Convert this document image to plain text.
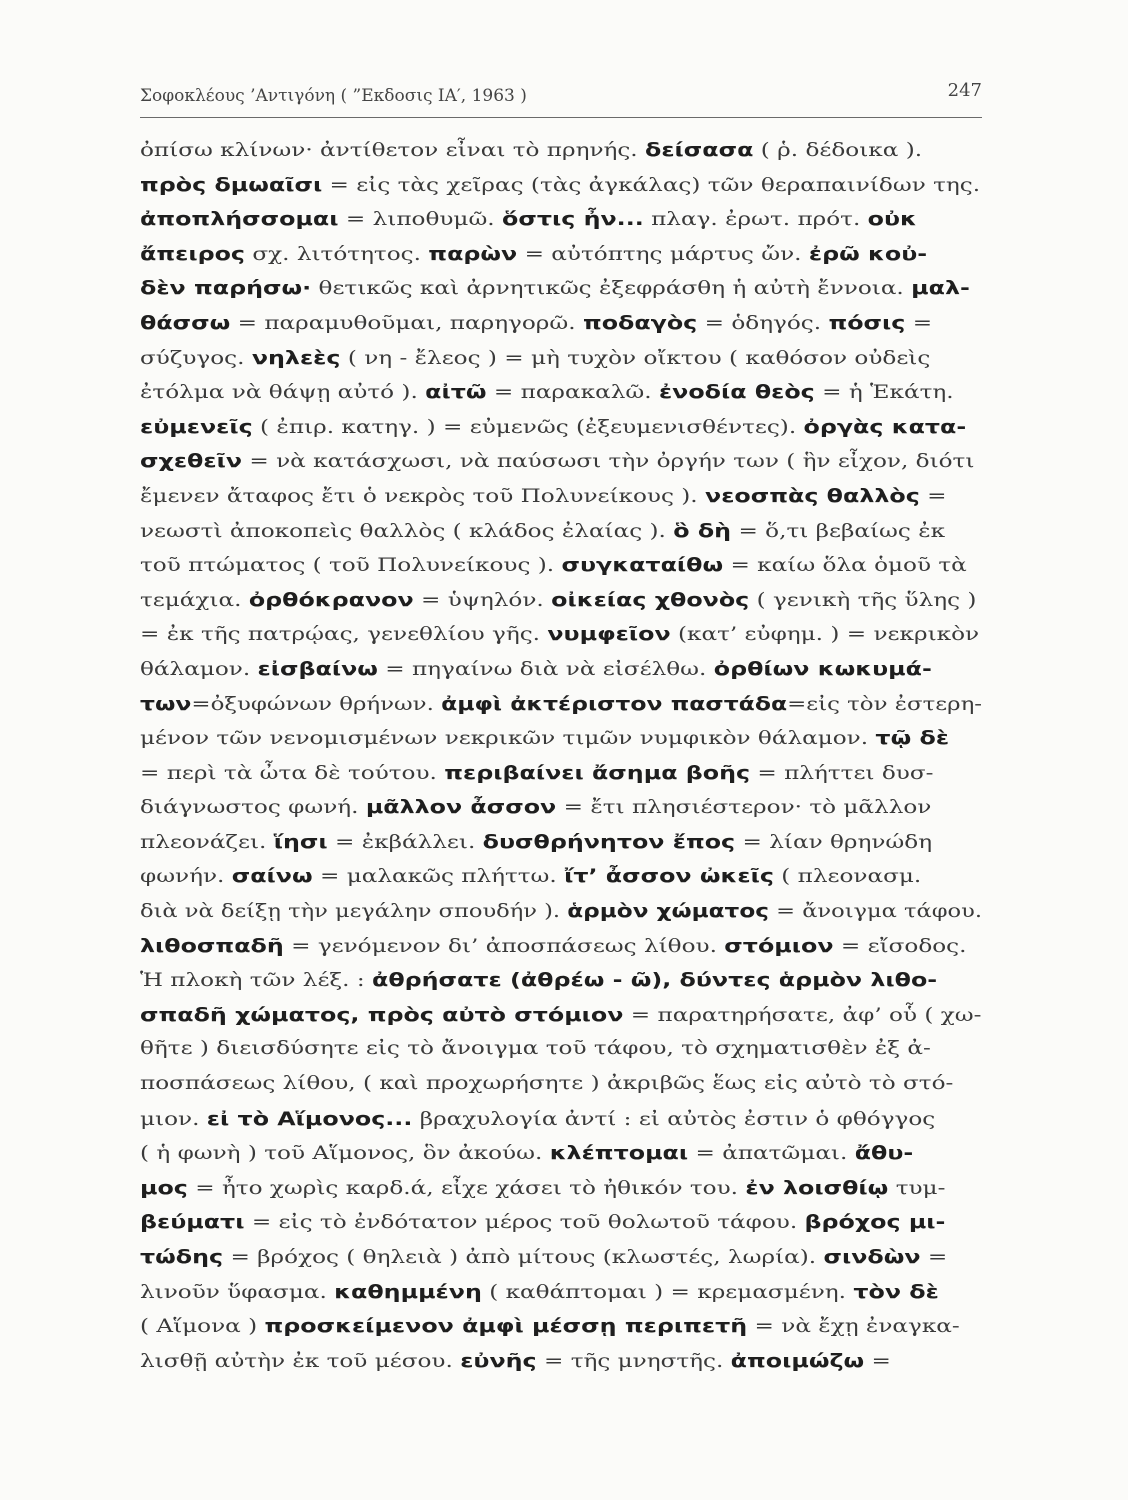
Σοφοκλέους ’Αντιγόνη ( ”Εκδοσις ΙΑ′, 1963 )	247
ὀπίσω κλίνων· ἀντίθετον εἶναι τὸ πρηνής. δείσασα ( ῥ. δέδοικα ).
πρὸς δμωαῖσι = εἰς τὰς χεῖρας (τὰς ἀγκάλας) τῶν θεραπαινίδων της.
ἀποπλήσσομαι = λιποθυμῶ. ὅστις ἦν... πλαγ. ἐρωτ. πρότ. οὐκ
ἄπειρος σχ. λιτότητος. παρὼν = αὐτόπτης μάρτυς ὤν. ἐρῶ κοὐ-
δὲν παρήσω· θετικῶς καὶ ἀρνητικῶς ἐξεφράσθη ἡ αὐτὴ ἔννοια. μαλ-
θάσσω = παραμυθοῦμαι, παρηγορῶ. ποδαγὸς = ὁδηγός. πόσις =
σύζυγος. νηλεὲς ( νη - ἔλεος ) = μὴ τυχὸν οἴκτου ( καθόσον οὐδεὶς
ἐτόλμα νὰ θάψῃ αὐτό ). αἰτῶ = παρακαλῶ. ἐνοδία θεὸς = ἡ Ἑκάτη.
εὐμενεῖς ( ἐπιρ. κατηγ. ) = εὐμενῶς (ἐξευμενισθέντες). ὀργὰς κατα-
σχεθεῖν = νὰ κατάσχωσι, νὰ παύσωσι τὴν ὀργήν των ( ἣν εἶχον, διότι
ἔμενεν ἄταφος ἔτι ὁ νεκρὸς τοῦ Πολυνείκους ). νεοσπὰς θαλλὸς =
νεωστὶ ἀποκοπεὶς θαλλὸς ( κλάδος ἐλαίας ). ὃ δὴ = ὅ,τι βεβαίως ἐκ
τοῦ πτώματος ( τοῦ Πολυνείκους ). συγκαταίθω = καίω ὅλα ὁμοῦ τὰ
τεμάχια. ὀρθόκρανον = ὑψηλόν. οἰκείας χθονὸς ( γενικὴ τῆς ὕλης )
= ἐκ τῆς πατρῴας, γενεθλίου γῆς. νυμφεῖον (κατ’ εὐφημ. ) = νεκρικὸν
θάλαμον. εἰσβαίνω = πηγαίνω διὰ νὰ εἰσέλθω. ὀρθίων κωκυμά-
των=ὀξυφώνων θρήνων. ἀμφὶ ἀκτέριστον παστάδα=εἰς τὸν ἐστερη-
μένον τῶν νενομισμένων νεκρικῶν τιμῶν νυμφικὸν θάλαμον. τῷ δὲ
= περὶ τὰ ὦτα δὲ τούτου. περιβαίνει ἄσημα βοῆς = πλήττει δυσ-
διάγνωστος φωνή. μᾶλλον ἆσσον = ἔτι πλησιέστερον· τὸ μᾶλλον
πλεονάζει. ἵησι = ἐκβάλλει. δυσθρήνητον ἔπος = λίαν θρηνώδη
φωνήν. σαίνω = μαλακῶς πλήττω. ἴτ’ ἆσσον ὠκεῖς ( πλεονασμ.
διὰ νὰ δείξῃ τὴν μεγάλην σπουδήν ). ἁρμὸν χώματος = ἄνοιγμα τάφου.
λιθοσπαδῆ = γενόμενον δι’ ἀποσπάσεως λίθου. στόμιον = εἴσοδος.
Ἡ πλοκὴ τῶν λέξ. : ἀθρήσατε (ἀθρέω - ῶ), δύντες ἁρμὸν λιθο-
σπαδῆ χώματος, πρὸς αὐτὸ στόμιον = παρατηρήσατε, ἀφ’ οὗ ( χω-
θῆτε ) διεισδύσητε εἰς τὸ ἄνοιγμα τοῦ τάφου, τὸ σχηματισθὲν ἐξ ἀ-
ποσπάσεως λίθου, ( καὶ προχωρήσητε ) ἀκριβῶς ἕως εἰς αὐτὸ τὸ στό-
μιον. εἰ τὸ Αἵμονος... βραχυλογία ἀντί : εἰ αὐτὸς ἐστιν ὁ φθόγγος
( ἡ φωνὴ ) τοῦ Αἵμονος, ὃν ἀκούω. κλέπτομαι = ἀπατῶμαι. ἄθυ-
μος = ἦτο χωρὶς καρδ.ά, εἶχε χάσει τὸ ἠθικόν του. ἐν λοισθίῳ τυμ-
βεύματι = εἰς τὸ ἐνδότατον μέρος τοῦ θολωτοῦ τάφου. βρόχος μι-
τώδης = βρόχος ( θηλειὰ ) ἀπὸ μίτους (κλωστές, λωρία). σινδὼν =
λινοῦν ὕφασμα. καθημμένη ( καθάπτομαι ) = κρεμασμένη. τὸν δὲ
( Αἵμονα ) προσκείμενον ἀμφὶ μέσσῃ περιπετῆ = νὰ ἔχῃ ἐναγκα-
λισθῇ αὐτὴν ἐκ τοῦ μέσου. εὐνῆς = τῆς μνηστῆς. ἀποιμώζω =
